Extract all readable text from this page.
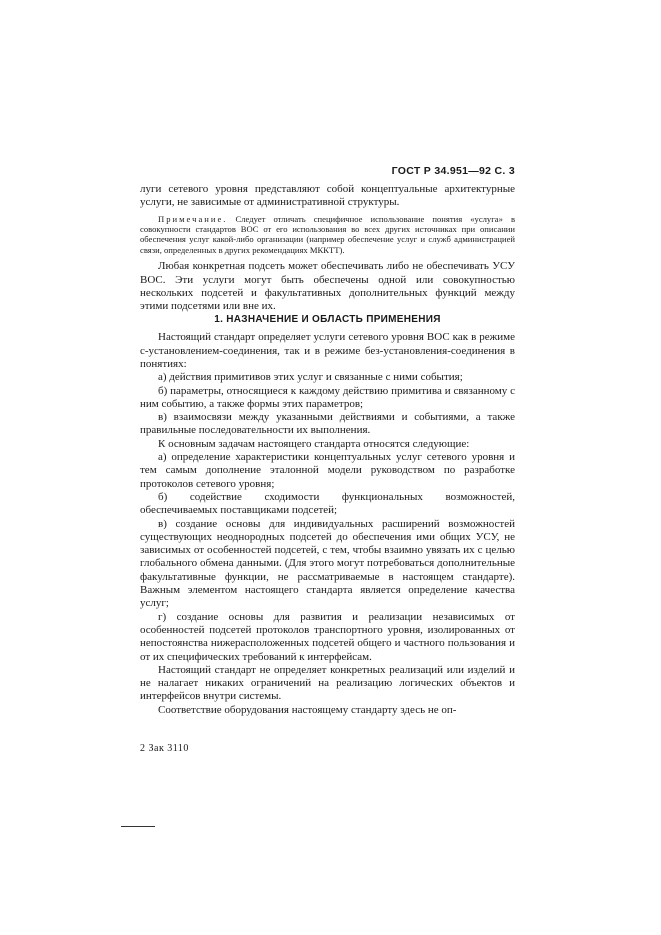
ГОСТ Р 34.951—92 С. 3

луги сетевого уровня представляют собой концептуальные архитектурные услуги, не зависимые от административной структуры.

Примечание. Следует отличать специфичное использование понятия «услуга» в совокупности стандартов ВОС от его использования во всех других источниках при описании обеспечения услуг какой-либо организации (например обеспечение услуг и служб администрацией связи, определенных в других рекомендациях МККТТ).

Любая конкретная подсеть может обеспечивать либо не обеспечивать УСУ ВОС. Эти услуги могут быть обеспечены одной или совокупностью нескольких подсетей и факультативных дополнительных функций между этими подсетями или вне их.

1. НАЗНАЧЕНИЕ И ОБЛАСТЬ ПРИМЕНЕНИЯ

Настоящий стандарт определяет услуги сетевого уровня ВОС как в режиме с-установлением-соединения, так и в режиме без-установления-соединения в понятиях:

а) действия примитивов этих услуг и связанные с ними события;

б) параметры, относящиеся к каждому действию примитива и связанному с ним событию, а также формы этих параметров;

в) взаимосвязи между указанными действиями и событиями, а также правильные последовательности их выполнения.

К основным задачам настоящего стандарта относятся следующие:

а) определение характеристики концептуальных услуг сетевого уровня и тем самым дополнение эталонной модели руководством по разработке протоколов сетевого уровня;

б) содействие сходимости функциональных возможностей, обеспечиваемых поставщиками подсетей;

в) создание основы для индивидуальных расширений возможностей существующих неоднородных подсетей до обеспечения ими общих УСУ, не зависимых от особенностей подсетей, с тем, чтобы взаимно увязать их с целью глобального обмена данными. (Для этого могут потребоваться дополнительные факультативные функции, не рассматриваемые в настоящем стандарте). Важным элементом настоящего стандарта является определение качества услуг;

г) создание основы для развития и реализации независимых от особенностей подсетей протоколов транспортного уровня, изолированных от непостоянства нижерасположенных подсетей общего и частного пользования и от их специфических требований к интерфейсам.

Настоящий стандарт не определяет конкретных реализаций или изделий и не налагает никаких ограничений на реализацию логических объектов и интерфейсов внутри системы.

Соответствие оборудования настоящему стандарту здесь не оп-

2 Зак 3110
